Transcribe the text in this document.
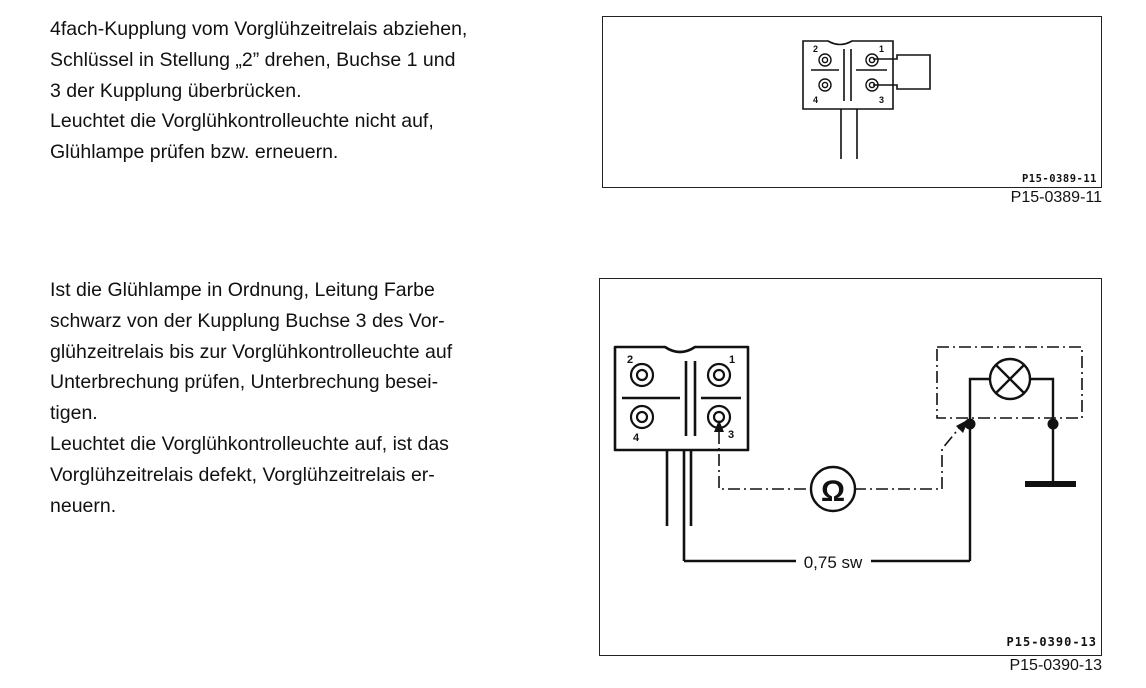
4fach-Kupplung vom Vorglühzeitrelais abziehen,
Schlüssel in Stellung „2” drehen, Buchse 1 und
3 der Kupplung überbrücken.
Leuchtet die Vorglühkontrolleuchte nicht auf,
Glühlampe prüfen bzw. erneuern.
Ist die Glühlampe in Ordnung, Leitung Farbe
schwarz von der Kupplung Buchse 3 des Vor-
glühzeitrelais bis zur Vorglühkontrolleuchte auf
Unterbrechung prüfen, Unterbrechung besei-
tigen.
Leuchtet die Vorglühkontrolleuchte auf, ist das
Vorglühzeitrelais defekt, Vorglühzeitrelais er-
neuern.
2	1
4	3
P15-0389-11
P15-0389-11
2	1
4	3
Ω
0,75 sw
P15-0390-13
P15-0390-13
